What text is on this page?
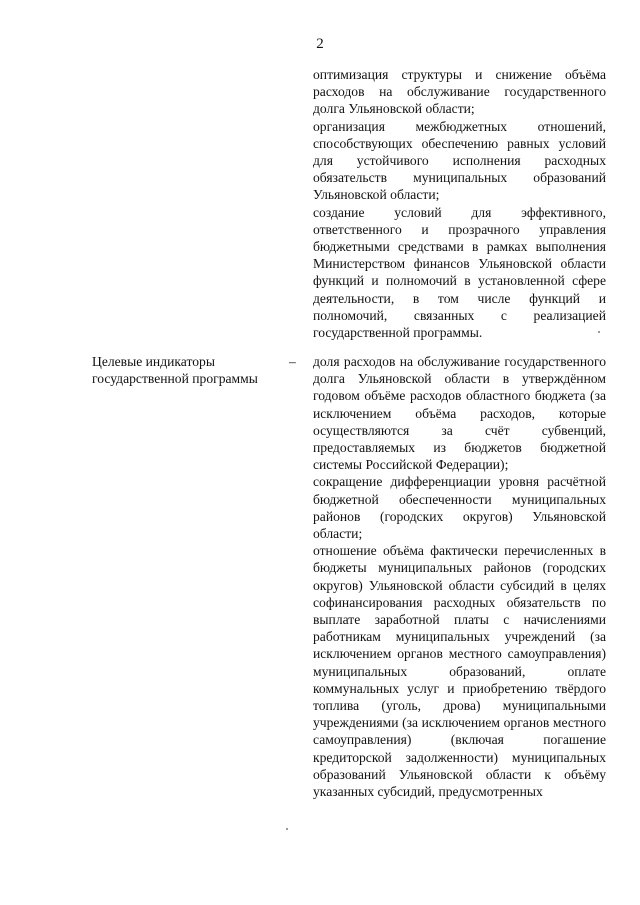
2

оптимизация структуры и снижение объёма расходов на обслуживание государственного долга Ульяновской области;

организация межбюджетных отношений, способствующих обеспечению равных условий для устойчивого исполнения расходных обязательств муниципальных образований Ульяновской области;

создание условий для эффективного, ответственного и прозрачного управления бюджетными средствами в рамках выполнения Министерством финансов Ульяновской области функций и полномочий в установленной сфере деятельности, в том числе функций и полномочий, связанных с реализацией государственной программы.

Целевые индикаторы государственной программы
– доля расходов на обслуживание государственного долга Ульяновской области в утверждённом годовом объёме расходов областного бюджета (за исключением объёма расходов, которые осуществляются за счёт субвенций, предоставляемых из бюджетов бюджетной системы Российской Федерации);

сокращение дифференциации уровня расчётной бюджетной обеспеченности муниципальных районов (городских округов) Ульяновской области;

отношение объёма фактически перечисленных в бюджеты муниципальных районов (городских округов) Ульяновской области субсидий в целях софинансирования расходных обязательств по выплате заработной платы с начислениями работникам муниципальных учреждений (за исключением органов местного самоуправления) муниципальных образований, оплате коммунальных услуг и приобретению твёрдого топлива (уголь, дрова) муниципальными учреждениями (за исключением органов местного самоуправления) (включая погашение кредиторской задолженности) муниципальных образований Ульяновской области к объёму указанных субсидий, предусмотренных
